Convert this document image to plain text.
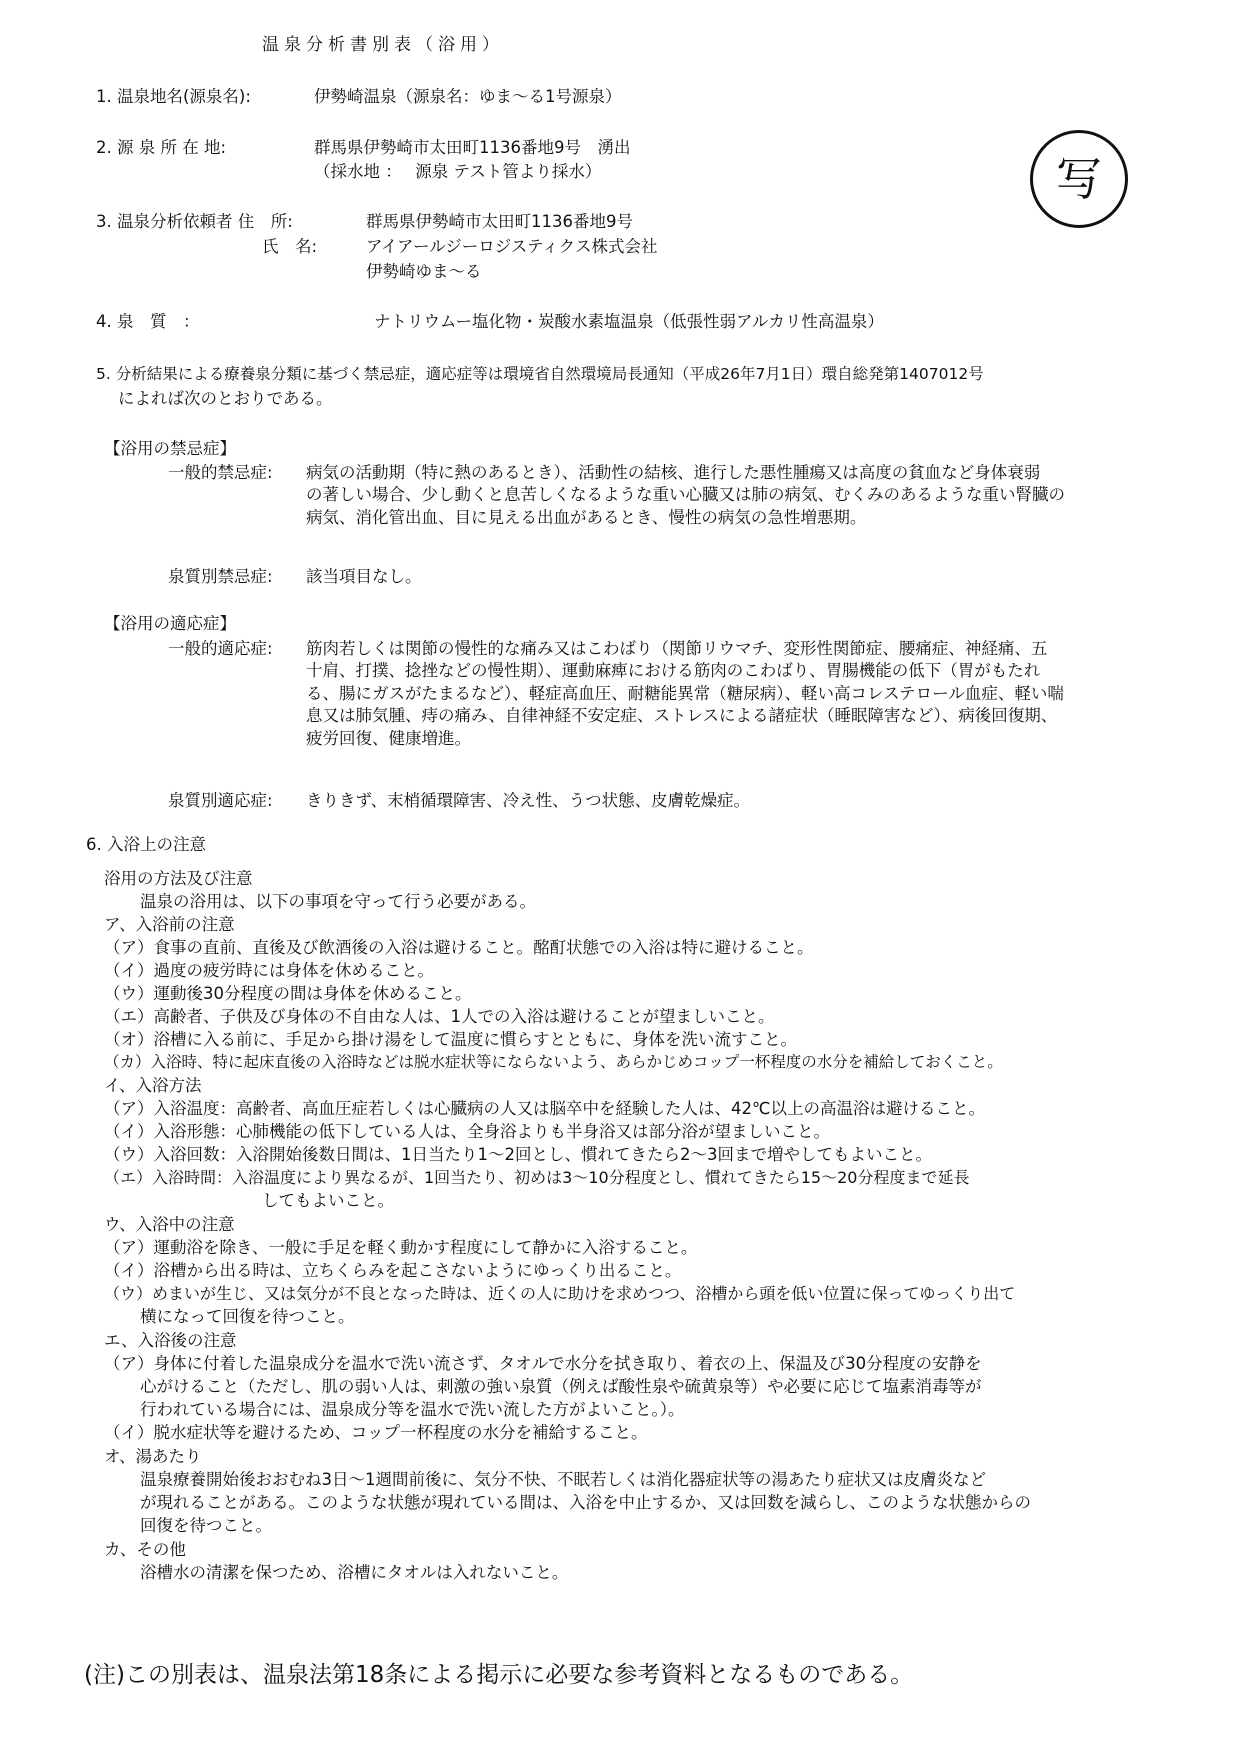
温泉分析書別表（浴用）
写
1. 温泉地名(源泉名):	伊勢崎温泉（源泉名：ゆま〜る1号源泉）
2. 源 泉 所 在 地:	群馬県伊勢崎市太田町1136番地9号　湧出
（採水地 ：　 源泉 テスト管より採水）
3. 温泉分析依頼者 住　所:	群馬県伊勢崎市太田町1136番地9号
氏　名:	アイアールジーロジスティクス株式会社
伊勢崎ゆま〜る
4. 泉　質　：	ナトリウムー塩化物・炭酸水素塩温泉（低張性弱アルカリ性高温泉）
5. 分析結果による療養泉分類に基づく禁忌症，適応症等は環境省自然環境局長通知（平成26年7月1日）環自総発第1407012号
によれば次のとおりである。
【浴用の禁忌症】
一般的禁忌症: 病気の活動期（特に熱のあるとき）、活動性の結核、進行した悪性腫瘍又は高度の貧血など身体衰弱

の著しい場合、少し動くと息苦しくなるような重い心臓又は肺の病気、むくみのあるような重い腎臓の

病気、消化管出血、目に見える出血があるとき、慢性の病気の急性増悪期。

泉質別禁忌症: 該当項目なし。
【浴用の適応症】
一般的適応症: 筋肉若しくは関節の慢性的な痛み又はこわばり（関節リウマチ、変形性関節症、腰痛症、神経痛、五

十肩、打撲、捻挫などの慢性期）、運動麻痺における筋肉のこわばり、胃腸機能の低下（胃がもたれ

る、腸にガスがたまるなど）、軽症高血圧、耐糖能異常（糖尿病）、軽い高コレステロール血症、軽い喘

息又は肺気腫、痔の痛み、自律神経不安定症、ストレスによる諸症状（睡眠障害など）、病後回復期、

疲労回復、健康増進。

泉質別適応症: きりきず、末梢循環障害、冷え性、うつ状態、皮膚乾燥症。
6. 入浴上の注意
浴用の方法及び注意
温泉の浴用は、以下の事項を守って行う必要がある。
ア、入浴前の注意
（ア）食事の直前、直後及び飲酒後の入浴は避けること。酩酊状態での入浴は特に避けること。
（イ）過度の疲労時には身体を休めること。
（ウ）運動後30分程度の間は身体を休めること。
（エ）高齢者、子供及び身体の不自由な人は、1人での入浴は避けることが望ましいこと。
（オ）浴槽に入る前に、手足から掛け湯をして温度に慣らすとともに、身体を洗い流すこと。
（カ）入浴時、特に起床直後の入浴時などは脱水症状等にならないよう、あらかじめコップ一杯程度の水分を補給しておくこと。
イ、入浴方法
（ア）入浴温度：高齢者、高血圧症若しくは心臓病の人又は脳卒中を経験した人は、42℃以上の高温浴は避けること。
（イ）入浴形態：心肺機能の低下している人は、全身浴よりも半身浴又は部分浴が望ましいこと。
（ウ）入浴回数：入浴開始後数日間は、1日当たり1〜2回とし、慣れてきたら2〜3回まで増やしてもよいこと。
（エ）入浴時間：入浴温度により異なるが、1回当たり、初めは3〜10分程度とし、慣れてきたら15〜20分程度まで延長
してもよいこと。
ウ、入浴中の注意
（ア）運動浴を除き、一般に手足を軽く動かす程度にして静かに入浴すること。
（イ）浴槽から出る時は、立ちくらみを起こさないようにゆっくり出ること。
（ウ）めまいが生じ、又は気分が不良となった時は、近くの人に助けを求めつつ、浴槽から頭を低い位置に保ってゆっくり出て
横になって回復を待つこと。
エ、入浴後の注意
（ア）身体に付着した温泉成分を温水で洗い流さず、タオルで水分を拭き取り、着衣の上、保温及び30分程度の安静を
心がけること（ただし、肌の弱い人は、刺激の強い泉質（例えば酸性泉や硫黄泉等）や必要に応じて塩素消毒等が
行われている場合には、温泉成分等を温水で洗い流した方がよいこと。）。
（イ）脱水症状等を避けるため、コップ一杯程度の水分を補給すること。
オ、湯あたり
温泉療養開始後おおむね3日〜1週間前後に、気分不快、不眠若しくは消化器症状等の湯あたり症状又は皮膚炎など
が現れることがある。このような状態が現れている間は、入浴を中止するか、又は回数を減らし、このような状態からの
回復を待つこと。
カ、その他
浴槽水の清潔を保つため、浴槽にタオルは入れないこと。
(注)この別表は、温泉法第18条による掲示に必要な参考資料となるものである。
